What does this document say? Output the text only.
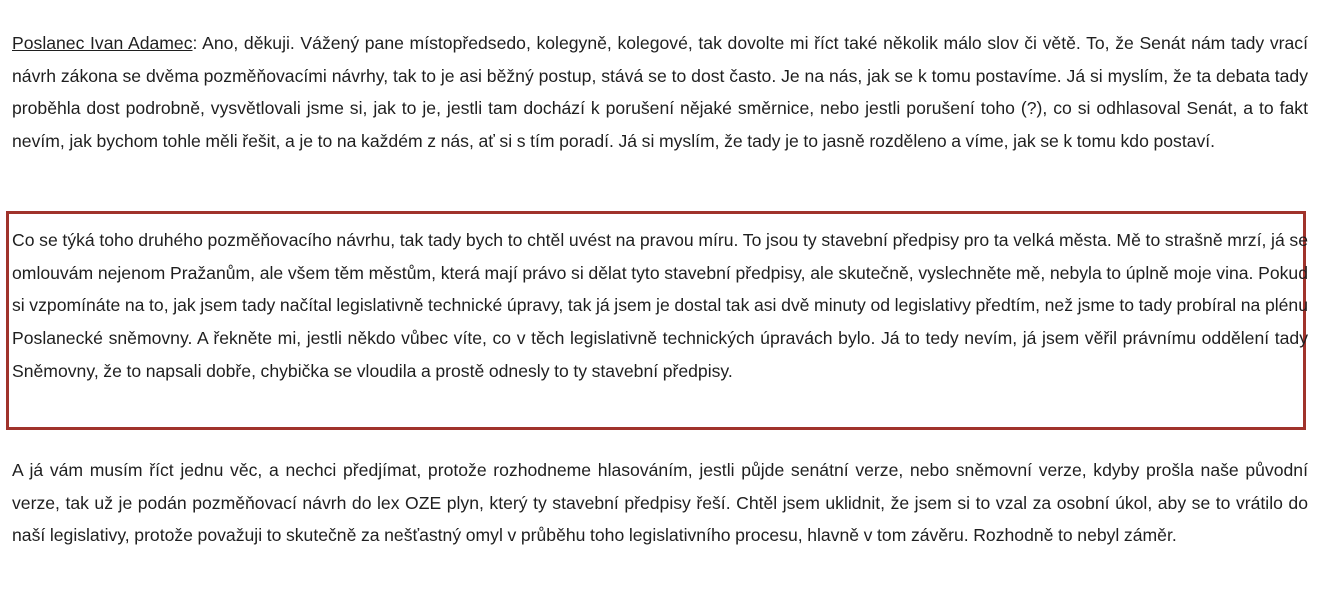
Poslanec Ivan Adamec: Ano, děkuji. Vážený pane místopředsedo, kolegyně, kolegové, tak dovolte mi říct také několik málo slov či větě. To, že Senát nám tady vrací návrh zákona se dvěma pozměňovacími návrhy, tak to je asi běžný postup, stává se to dost často. Je na nás, jak se k tomu postavíme. Já si myslím, že ta debata tady proběhla dost podrobně, vysvětlovali jsme si, jak to je, jestli tam dochází k porušení nějaké směrnice, nebo jestli porušení toho (?), co si odhlasoval Senát, a to fakt nevím, jak bychom tohle měli řešit, a je to na každém z nás, ať si s tím poradí. Já si myslím, že tady je to jasně rozděleno a víme, jak se k tomu kdo postaví.

Co se týká toho druhého pozměňovacího návrhu, tak tady bych to chtěl uvést na pravou míru. To jsou ty stavební předpisy pro ta velká města. Mě to strašně mrzí, já se omlouvám nejenom Pražanům, ale všem těm městům, která mají právo si dělat tyto stavební předpisy, ale skutečně, vyslechněte mě, nebyla to úplně moje vina. Pokud si vzpomínáte na to, jak jsem tady načítal legislativně technické úpravy, tak já jsem je dostal tak asi dvě minuty od legislativy předtím, než jsme to tady probíral na plénu Poslanecké sněmovny. A řekněte mi, jestli někdo vůbec víte, co v těch legislativně technických úpravách bylo. Já to tedy nevím, já jsem věřil právnímu oddělení tady Sněmovny, že to napsali dobře, chybička se vloudila a prostě odnesly to ty stavební předpisy.

A já vám musím říct jednu věc, a nechci předjímat, protože rozhodneme hlasováním, jestli půjde senátní verze, nebo sněmovní verze, kdyby prošla naše původní verze, tak už je podán pozměňovací návrh do lex OZE plyn, který ty stavební předpisy řeší. Chtěl jsem uklidnit, že jsem si to vzal za osobní úkol, aby se to vrátilo do naší legislativy, protože považuji to skutečně za nešťastný omyl v průběhu toho legislativního procesu, hlavně v tom závěru. Rozhodně to nebyl záměr.
